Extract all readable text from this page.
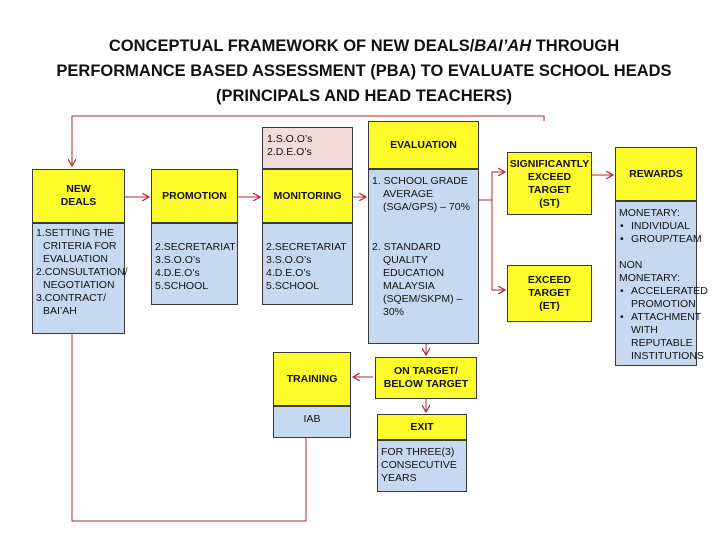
CONCEPTUAL FRAMEWORK OF NEW DEALS/BAI’AH THROUGH
PERFORMANCE BASED ASSESSMENT (PBA) TO EVALUATE SCHOOL HEADS
(PRINCIPALS AND HEAD TEACHERS)
NEW
DEALS
1.SETTING THE
CRITERIA FOR
EVALUATION
2.CONSULTATION/
NEGOTIATION
3.CONTRACT/
BAI’AH
PROMOTION
2.SECRETARIAT
3.S.O.O’s
4.D.E.O’s
5.SCHOOL
1.S.O.O’s
2.D.E.O’s
MONITORING
2.SECRETARIAT
3.S.O.O’s
4.D.E.O’s
5.SCHOOL
EVALUATION
1. SCHOOL GRADE
AVERAGE
(SGA/GPS) – 70%
2. STANDARD
QUALITY
EDUCATION
MALAYSIA
(SQEM/SKPM) –
30%
SIGNIFICANTLY
EXCEED
TARGET
(ST)
EXCEED
TARGET
(ET)
REWARDS
MONETARY:
• INDIVIDUAL
• GROUP/TEAM
NON MONETARY:
• ACCELERATED PROMOTION
• ATTACHMENT WITH REPUTABLE INSTITUTIONS
ON TARGET/
BELOW TARGET
EXIT
FOR THREE(3)
CONSECUTIVE
YEARS
TRAINING
IAB
